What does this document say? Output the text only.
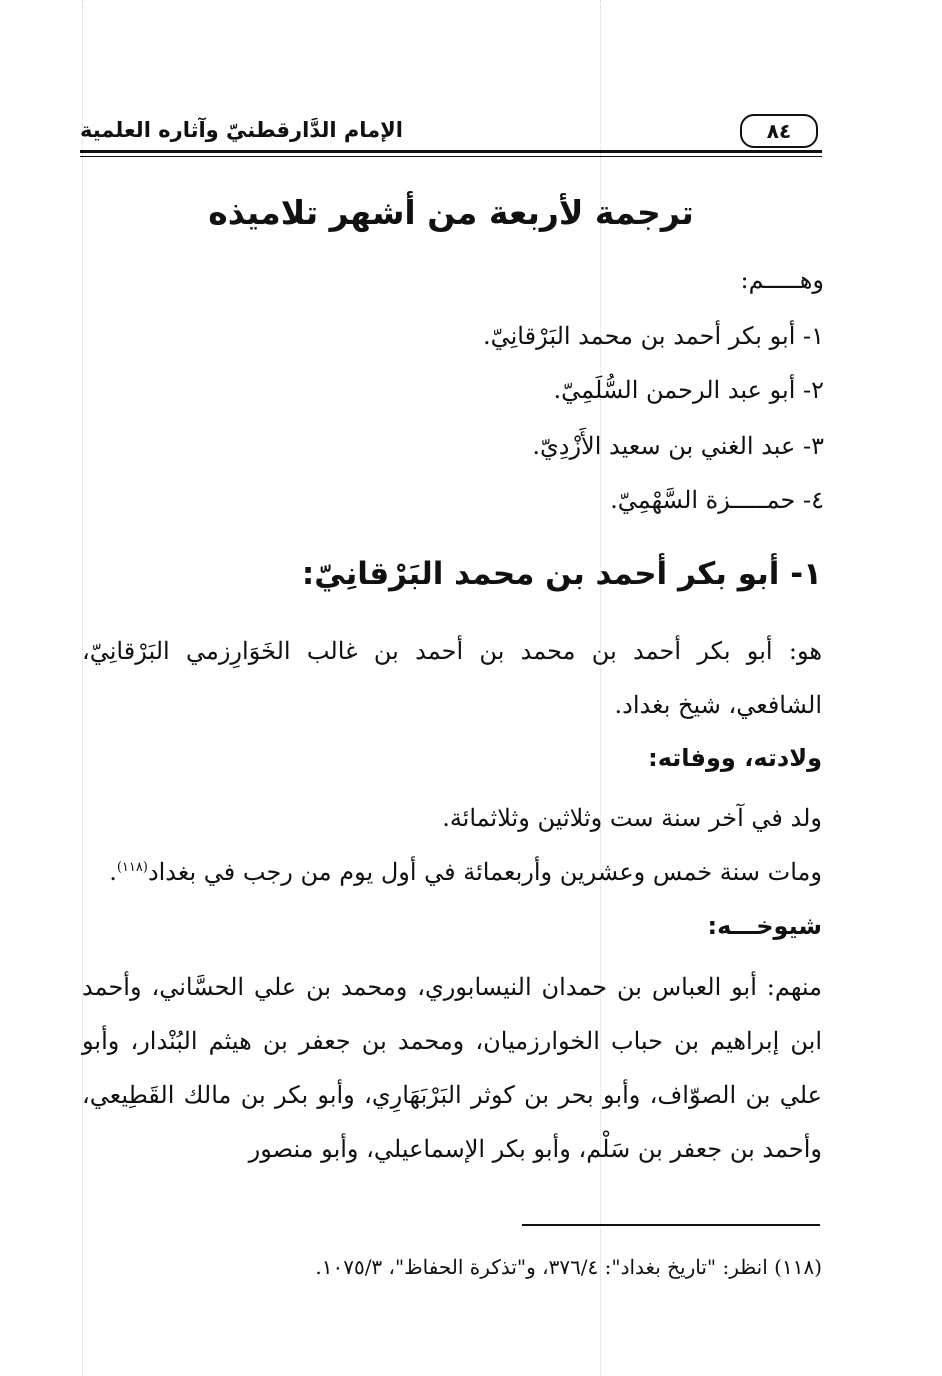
٨٤
الإمام الدَّارقطنيّ وآثاره العلمية
ترجمة لأربعة من أشهر تلاميذه
وهـــــم:
١- أبو بكر أحمد بن محمد البَرْقانِيّ.
٢- أبو عبد الرحمن السُّلَمِيّ.
٣- عبد الغني بن سعيد الأَزْدِيّ.
٤- حمـــــزة السَّهْمِيّ.
١- أبو بكر أحمد بن محمد البَرْقانِيّ:
هو: أبو بكر أحمد بن محمد بن أحمد بن غالب الخَوَارِزمي البَرْقانِيّ، الشافعي، شيخ بغداد.
ولادته، ووفاته:
ولد في آخر سنة ست وثلاثين وثلاثمائة.
ومات سنة خمس وعشرين وأربعمائة في أول يوم من رجب في بغداد$^{(١١٨)}$.
شيوخـــه:
منهم: أبو العباس بن حمدان النيسابوري، ومحمد بن علي الحسَّاني، وأحمد ابن إبراهيم بن حباب الخوارزميان، ومحمد بن جعفر بن هيثم البُنْدار، وأبو علي بن الصوّاف، وأبو بحر بن كوثر البَرْبَهَارِي، وأبو بكر بن مالك القَطِيعي، وأحمد بن جعفر بن سَلْم، وأبو بكر الإسماعيلي، وأبو منصور
(١١٨) انظر: "تاريخ بغداد": ٣٧٦/٤، و"تذكرة الحفاظ"، ١٠٧٥/٣.
